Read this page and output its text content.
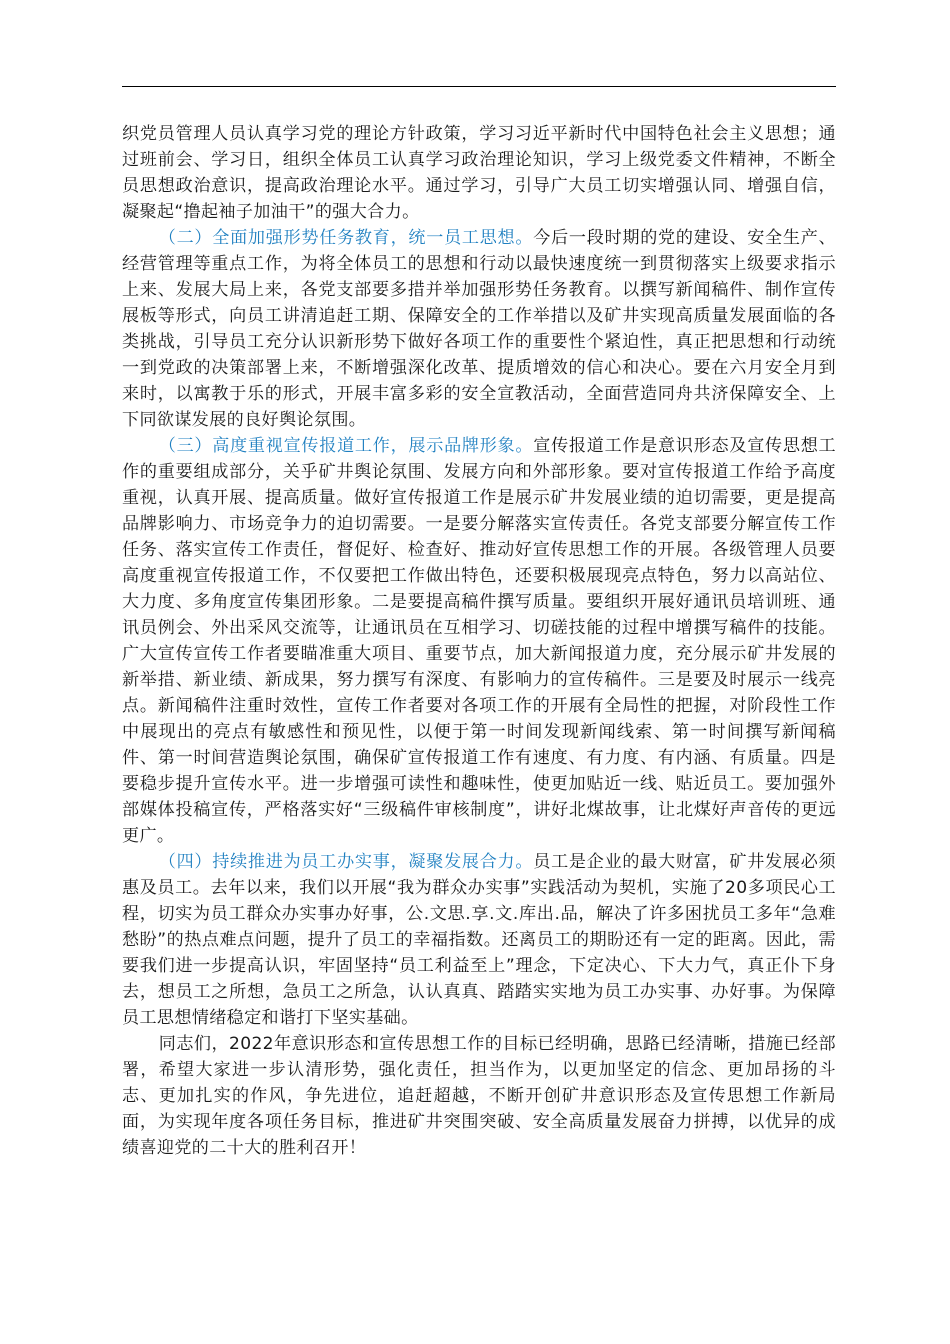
织党员管理人员认真学习党的理论方针政策，学习习近平新时代中国特色社会主义思想；通过班前会、学习日，组织全体员工认真学习政治理论知识，学习上级党委文件精神，不断全员思想政治意识，提高政治理论水平。通过学习，引导广大员工切实增强认同、增强自信，凝聚起“撸起袖子加油干”的强大合力。

（二）全面加强形势任务教育，统一员工思想。今后一段时期的党的建设、安全生产、经营管理等重点工作，为将全体员工的思想和行动以最快速度统一到贯彻落实上级要求指示上来、发展大局上来，各党支部要多措并举加强形势任务教育。以撰写新闻稿件、制作宣传展板等形式，向员工讲清追赶工期、保障安全的工作举措以及矿井实现高质量发展面临的各类挑战，引导员工充分认识新形势下做好各项工作的重要性个紧迫性，真正把思想和行动统一到党政的决策部署上来，不断增强深化改革、提质增效的信心和决心。要在六月安全月到来时，以寓教于乐的形式，开展丰富多彩的安全宣教活动，全面营造同舟共济保障安全、上下同欲谋发展的良好舆论氛围。

（三）高度重视宣传报道工作，展示品牌形象。宣传报道工作是意识形态及宣传思想工作的重要组成部分，关乎矿井舆论氛围、发展方向和外部形象。要对宣传报道工作给予高度重视，认真开展、提高质量。做好宣传报道工作是展示矿井发展业绩的迫切需要，更是提高品牌影响力、市场竞争力的迫切需要。一是要分解落实宣传责任。各党支部要分解宣传工作任务、落实宣传工作责任，督促好、检查好、推动好宣传思想工作的开展。各级管理人员要高度重视宣传报道工作，不仅要把工作做出特色，还要积极展现亮点特色，努力以高站位、大力度、多角度宣传集团形象。二是要提高稿件撰写质量。要组织开展好通讯员培训班、通讯员例会、外出采风交流等，让通讯员在互相学习、切磋技能的过程中增撰写稿件的技能。广大宣传宣传工作者要瞄准重大项目、重要节点，加大新闻报道力度，充分展示矿井发展的新举措、新业绩、新成果，努力撰写有深度、有影响力的宣传稿件。三是要及时展示一线亮点。新闻稿件注重时效性，宣传工作者要对各项工作的开展有全局性的把握，对阶段性工作中展现出的亮点有敏感性和预见性，以便于第一时间发现新闻线索、第一时间撰写新闻稿件、第一时间营造舆论氛围，确保矿宣传报道工作有速度、有力度、有内涵、有质量。四是要稳步提升宣传水平。进一步增强可读性和趣味性，使更加贴近一线、贴近员工。要加强外部媒体投稿宣传，严格落实好“三级稿件审核制度”，讲好北煤故事，让北煤好声音传的更远更广。

（四）持续推进为员工办实事，凝聚发展合力。员工是企业的最大财富，矿井发展必须惠及员工。去年以来，我们以开展“我为群众办实事”实践活动为契机，实施了20多项民心工程，切实为员工群众办实事办好事，公.文思.享.文.库出.品，解决了许多困扰员工多年“急难愁盼”的热点难点问题，提升了员工的幸福指数。还离员工的期盼还有一定的距离。因此，需要我们进一步提高认识，牢固坚持“员工利益至上”理念，下定决心、下大力气，真正仆下身去，想员工之所想，急员工之所急，认认真真、踏踏实实地为员工办实事、办好事。为保障员工思想情绪稳定和谐打下坚实基础。

同志们，2022年意识形态和宣传思想工作的目标已经明确，思路已经清晰，措施已经部署，希望大家进一步认清形势，强化责任，担当作为，以更加坚定的信念、更加昂扬的斗志、更加扎实的作风，争先进位，追赶超越，不断开创矿井意识形态及宣传思想工作新局面，为实现年度各项任务目标，推进矿井突围突破、安全高质量发展奋力拼搏，以优异的成绩喜迎党的二十大的胜利召开！
